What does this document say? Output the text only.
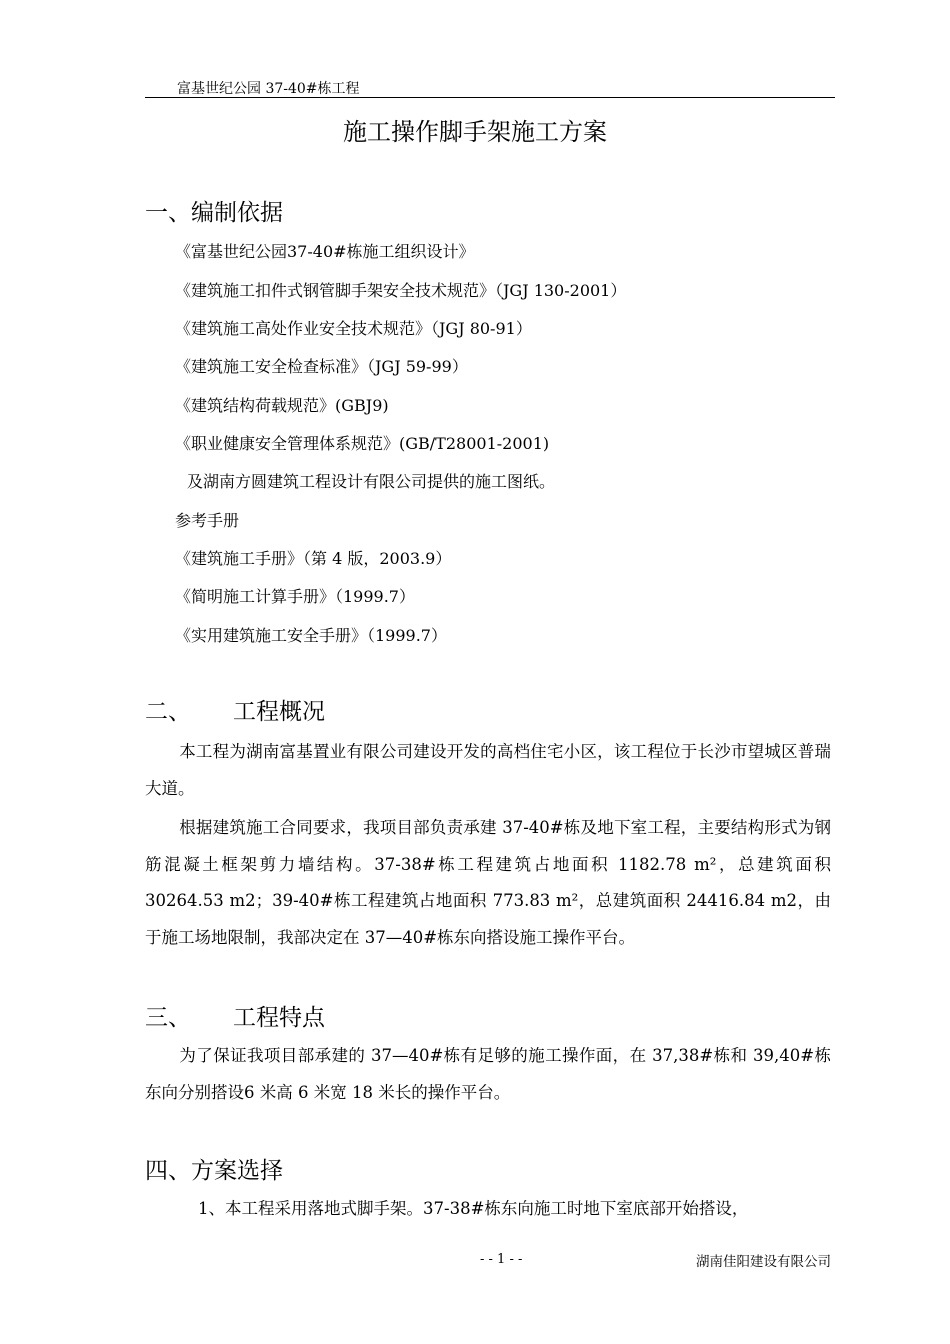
富基世纪公园 37-40#栋工程
施工操作脚手架施工方案
一、编制依据
《富基世纪公园37-40#栋施工组织设计》
《建筑施工扣件式钢管脚手架安全技术规范》（JGJ 130-2001）
《建筑施工高处作业安全技术规范》（JGJ 80-91）
《建筑施工安全检查标准》（JGJ 59-99）
《建筑结构荷载规范》(GBJ9)
《职业健康安全管理体系规范》(GB/T28001-2001)
及湖南方圆建筑工程设计有限公司提供的施工图纸。
参考手册
《建筑施工手册》（第 4 版，2003.9）
《简明施工计算手册》（1999.7）
《实用建筑施工安全手册》（1999.7）
二、 工程概况
本工程为湖南富基置业有限公司建设开发的高档住宅小区，该工程位于长沙市望城区普瑞大道。
根据建筑施工合同要求，我项目部负责承建 37-40#栋及地下室工程，主要结构形式为钢筋混凝土框架剪力墙结构。37-38#栋工程建筑占地面积 1182.78 m²，总建筑面积 30264.53 m2；39-40#栋工程建筑占地面积 773.83 m²，总建筑面积 24416.84 m2，由于施工场地限制，我部决定在 37—40#栋东向搭设施工操作平台。
三、 工程特点
为了保证我项目部承建的 37—40#栋有足够的施工操作面，在 37,38#栋和 39,40#栋东向分别搭设6 米高 6 米宽 18 米长的操作平台。
四、方案选择
1、本工程采用落地式脚手架。37-38#栋东向施工时地下室底部开始搭设，
- - 1 - -	湖南佳阳建设有限公司
